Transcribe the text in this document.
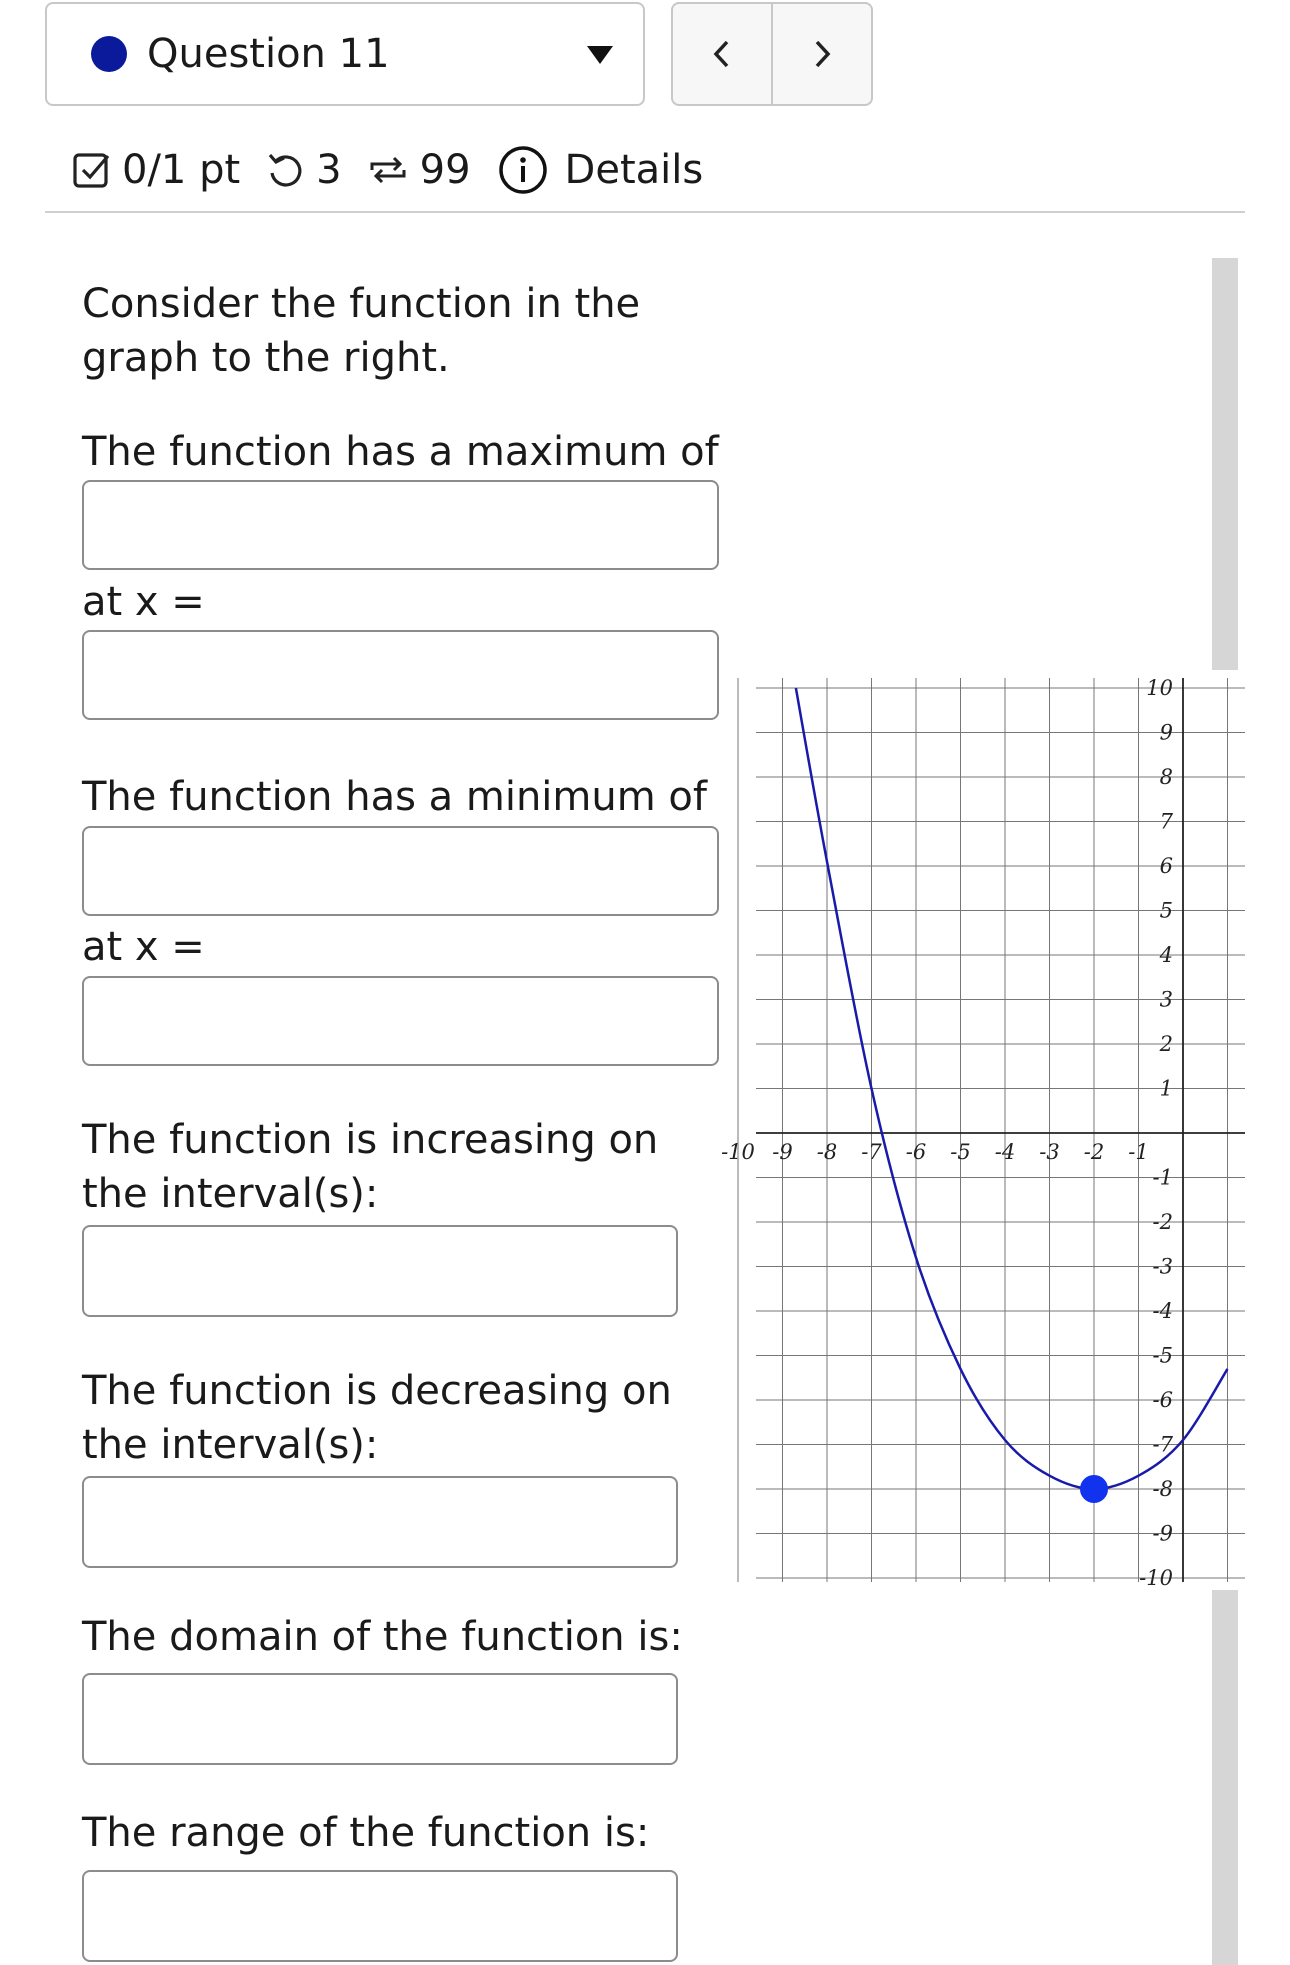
Question 11
0/1 pt 3 99 Details
Consider the function in the graph to the right.
The function has a maximum of
at x =
The function has a minimum of
at x =
The function is increasing on the interval(s):
The function is decreasing on the interval(s):
The domain of the function is:
The range of the function is:
-10 -9 -8 -7 -6 -5 -4 -3 -2 -1
10
9
8
7
6
5
4
3
2
1
-1
-2
-3
-4
-5
-6
-7
-8
-9
-10
